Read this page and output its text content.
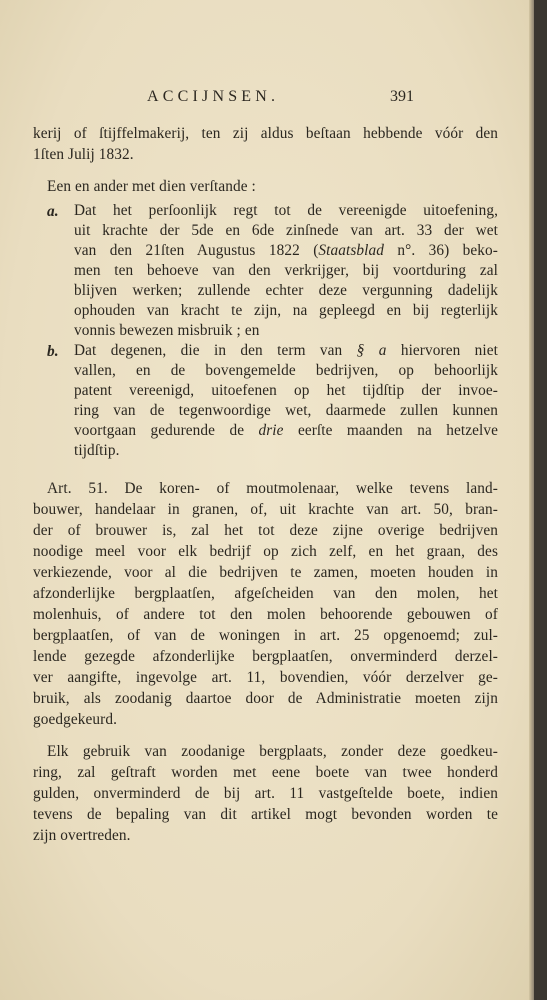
ACCIJNSEN.	391
kerij of ſtijffelmakerij, ten zij aldus beſtaan hebbende vóór den
1ſten Julij 1832.
Een en ander met dien verſtande :
a. Dat het perſoonlijk regt tot de vereenigde uitoefening,
uit krachte der 5de en 6de zinſnede van art. 33 der wet
van den 21ſten Augustus 1822 (Staatsblad n°. 36) beko-
men ten behoeve van den verkrijger, bij voortduring zal
blijven werken; zullende echter deze vergunning dadelijk
ophouden van kracht te zijn, na gepleegd en bij regterlijk
vonnis bewezen misbruik ; en
b. Dat degenen, die in den term van § a hiervoren niet
vallen, en de bovengemelde bedrijven, op behoorlijk
patent vereenigd, uitoefenen op het tijdſtip der invoe-
ring van de tegenwoordige wet, daarmede zullen kunnen
voortgaan gedurende de drie eerſte maanden na hetzelve
tijdſtip.
Art. 51. De koren- of moutmolenaar, welke tevens land-
bouwer, handelaar in granen, of, uit krachte van art. 50, bran-
der of brouwer is, zal het tot deze zijne overige bedrijven
noodige meel voor elk bedrijf op zich zelf, en het graan, des
verkiezende, voor al die bedrijven te zamen, moeten houden in
afzonderlijke bergplaatſen, afgeſcheiden van den molen, het
molenhuis, of andere tot den molen behoorende gebouwen of
bergplaatſen, of van de woningen in art. 25 opgenoemd; zul-
lende gezegde afzonderlijke bergplaatſen, onverminderd derzel-
ver aangifte, ingevolge art. 11, bovendien, vóór derzelver ge-
bruik, als zoodanig daartoe door de Administratie moeten zijn
goedgekeurd.
Elk gebruik van zoodanige bergplaats, zonder deze goedkeu-
ring, zal geſtraft worden met eene boete van twee honderd
gulden, onverminderd de bij art. 11 vastgeſtelde boete, indien
tevens de bepaling van dit artikel mogt bevonden worden te
zijn overtreden.
